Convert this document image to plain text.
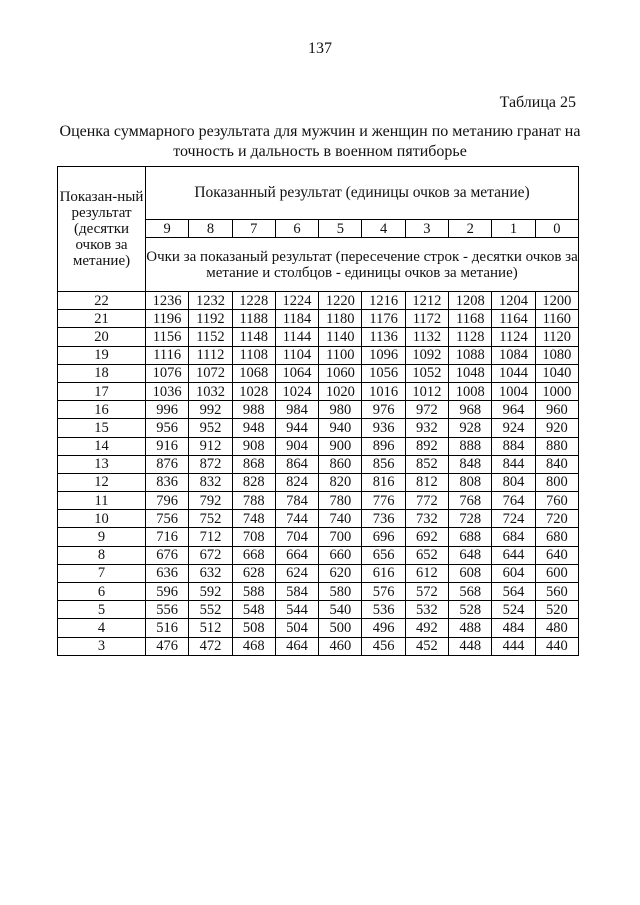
137
Таблица 25
Оценка суммарного результата для мужчин и женщин по метанию гранат на точность и дальность в военном пятиборье
Показан-ный результат (десятки очков за метание)	Показанный результат (единицы очков за метание)									
	9	8	7	6	5	4	3	2	1	0
	Очки за показаный результат (пересечение строк - десятки очков за метание и столбцов - единицы очков за метание)									
22	1236	1232	1228	1224	1220	1216	1212	1208	1204	1200
21	1196	1192	1188	1184	1180	1176	1172	1168	1164	1160
20	1156	1152	1148	1144	1140	1136	1132	1128	1124	1120
19	1116	1112	1108	1104	1100	1096	1092	1088	1084	1080
18	1076	1072	1068	1064	1060	1056	1052	1048	1044	1040
17	1036	1032	1028	1024	1020	1016	1012	1008	1004	1000
16	996	992	988	984	980	976	972	968	964	960
15	956	952	948	944	940	936	932	928	924	920
14	916	912	908	904	900	896	892	888	884	880
13	876	872	868	864	860	856	852	848	844	840
12	836	832	828	824	820	816	812	808	804	800
11	796	792	788	784	780	776	772	768	764	760
10	756	752	748	744	740	736	732	728	724	720
9	716	712	708	704	700	696	692	688	684	680
8	676	672	668	664	660	656	652	648	644	640
7	636	632	628	624	620	616	612	608	604	600
6	596	592	588	584	580	576	572	568	564	560
5	556	552	548	544	540	536	532	528	524	520
4	516	512	508	504	500	496	492	488	484	480
3	476	472	468	464	460	456	452	448	444	440
